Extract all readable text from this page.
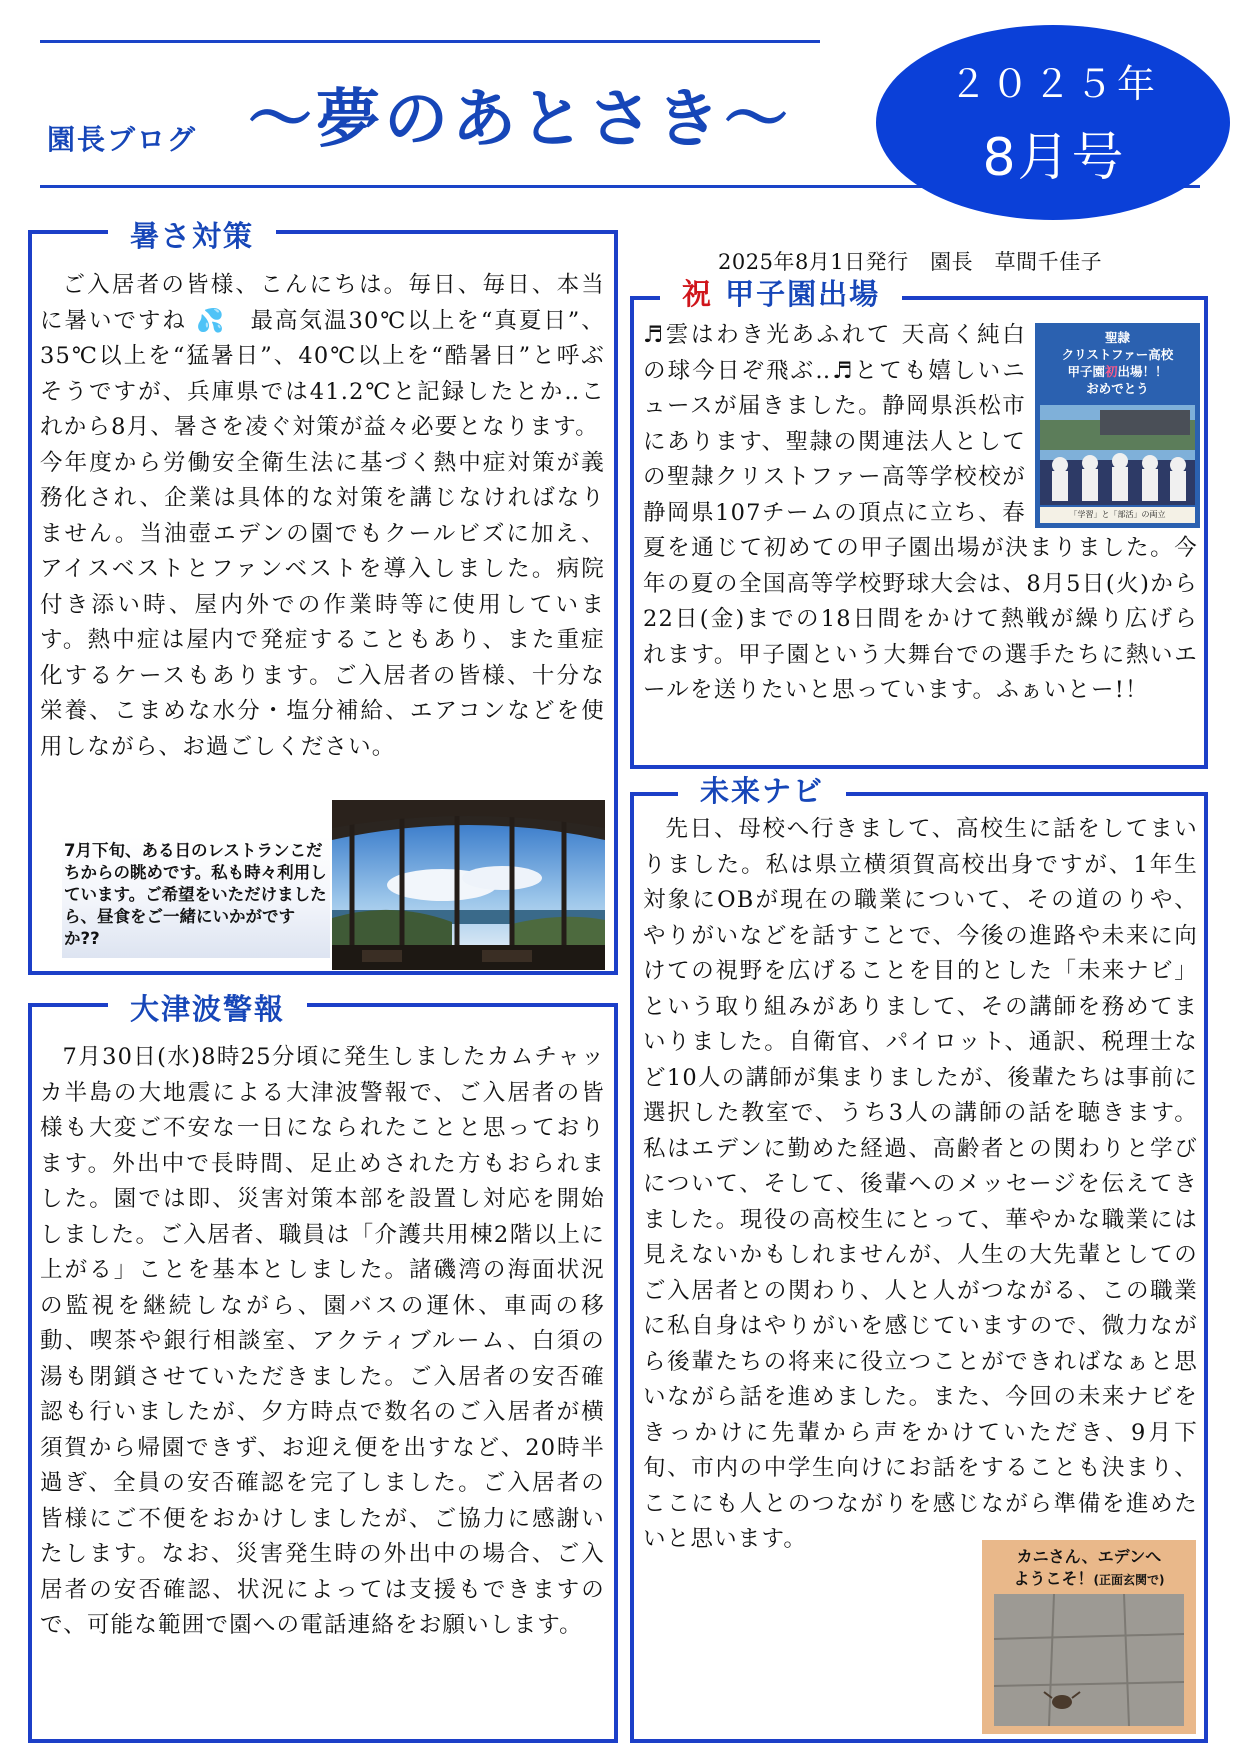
園長ブログ ～夢のあとさき～	２０２５年
8月号
暑さ対策

ご入居者の皆様、こんにちは。毎日、毎日、本当に暑いですね 💦　最高気温30℃以上を“真夏日”、35℃以上を“猛暑日”、40℃以上を“酷暑日”と呼ぶそうですが、兵庫県では41.2℃と記録したとか‥これから8月、暑さを凌ぐ対策が益々必要となります。

今年度から労働安全衛生法に基づく熱中症対策が義務化され、企業は具体的な対策を講じなければなりません。当油壺エデンの園でもクールビズに加え、アイスベストとファンベストを導入しました。病院付き添い時、屋内外での作業時等に使用しています。熱中症は屋内で発症することもあり、また重症化するケースもあります。ご入居者の皆様、十分な栄養、こまめな水分・塩分補給、エアコンなどを使用しながら、お過ごしください。

7月下旬、ある日のレストランこだちからの眺めです。私も時々利用しています。ご希望をいただけましたら、昼食をご一緒にいかがですか??
大津波警報

7月30日(水)8時25分頃に発生しましたカムチャッカ半島の大地震による大津波警報で、ご入居者の皆様も大変ご不安な一日になられたことと思っております。外出中で長時間、足止めされた方もおられました。園では即、災害対策本部を設置し対応を開始しました。ご入居者、職員は「介護共用棟2階以上に上がる」ことを基本としました。諸磯湾の海面状況の監視を継続しながら、園バスの運休、車両の移動、喫茶や銀行相談室、アクティブルーム、白須の湯も閉鎖させていただきました。ご入居者の安否確認も行いましたが、夕方時点で数名のご入居者が横須賀から帰園できず、お迎え便を出すなど、20時半過ぎ、全員の安否確認を完了しました。ご入居者の皆様にご不便をおかけしましたが、ご協力に感謝いたします。なお、災害発生時の外出中の場合、ご入居者の安否確認、状況によっては支援もできますので、可能な範囲で園への電話連絡をお願いします。

2025年8月1日発行　園長　草間千佳子
祝 甲子園出場
聖隷
クリストファー高校
甲子園初出場！！
おめでとう
「学習」と「部活」の両立

♬雲はわき光あふれて 天高く純白の球今日ぞ飛ぶ‥♬とても嬉しいニュースが届きました。静岡県浜松市にあります、聖隷の関連法人としての聖隷クリストファー高等学校校が静岡県107チームの頂点に立ち、春夏を通じて初めての甲子園出場が決まりました。今年の夏の全国高等学校野球大会は、8月5日(火)から22日(金)までの18日間をかけて熱戦が繰り広げられます。甲子園という大舞台での選手たちに熱いエールを送りたいと思っています。ふぁいとー!！

未来ナビ
カニさん、エデンへ
ようこそ！(正面玄関で)

先日、母校へ行きまして、高校生に話をしてまいりました。私は県立横須賀高校出身ですが、1年生対象にOBが現在の職業について、その道のりや、やりがいなどを話すことで、今後の進路や未来に向けての視野を広げることを目的とした「未来ナビ」という取り組みがありまして、その講師を務めてまいりました。自衛官、パイロット、通訳、税理士など10人の講師が集まりましたが、後輩たちは事前に選択した教室で、うち3人の講師の話を聴きます。私はエデンに勤めた経過、高齢者との関わりと学びについて、そして、後輩へのメッセージを伝えてきました。現役の高校生にとって、華やかな職業には見えないかもしれませんが、人生の大先輩としてのご入居者との関わり、人と人がつながる、この職業に私自身はやりがいを感じていますので、微力ながら後輩たちの将来に役立つことができればなぁと思いながら話を進めました。また、今回の未来ナビをきっかけに先輩から声をかけていただき、9月下旬、市内の中学生向けにお話をすることも決まり、ここにも人とのつながりを感じながら準備を進めたいと思います。
